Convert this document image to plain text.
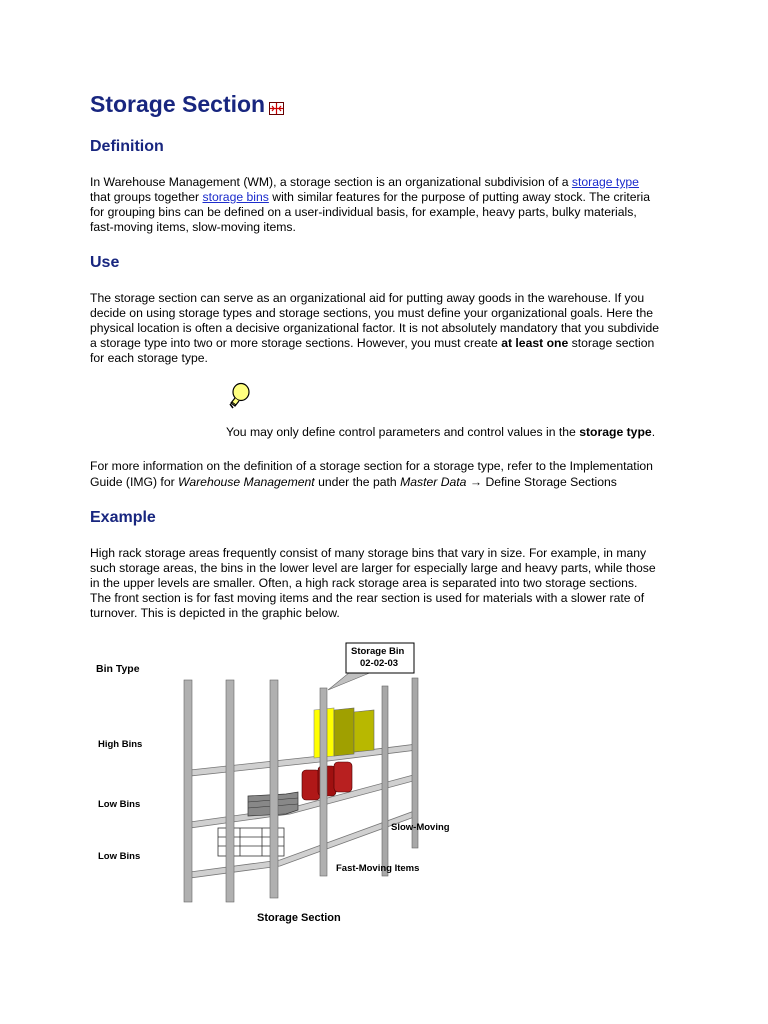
Storage Section
Definition
In Warehouse Management (WM), a storage section is an organizational subdivision of a storage type
that groups together storage bins with similar features for the purpose of putting away stock. The criteria
for grouping bins can be defined on a user-individual basis, for example, heavy parts, bulky materials,
fast-moving items, slow-moving items.
Use
The storage section can serve as an organizational aid for putting away goods in the warehouse. If you
decide on using storage types and storage sections, you must define your organizational goals. Here the
physical location is often a decisive organizational factor. It is not absolutely mandatory that you subdivide
a storage type into two or more storage sections. However, you must create at least one storage section
for each storage type.
You may only define control parameters and control values in the storage type.
For more information on the definition of a storage section for a storage type, refer to the Implementation
Guide (IMG) for Warehouse Management under the path Master Data → Define Storage Sections
Example
High rack storage areas frequently consist of many storage bins that vary in size. For example, in many
such storage areas, the bins in the lower level are larger for especially large and heavy parts, while those
in the upper levels are smaller. Often, a high rack storage area is separated into two storage sections.
The front section is for fast moving items and the rear section is used for materials with a slower rate of
turnover. This is depicted in the graphic below.
Bin Type
High Bins
Low Bins
Low Bins
Storage Bin
02-02-03
Slow-Moving
Fast-Moving Items
Storage Section
